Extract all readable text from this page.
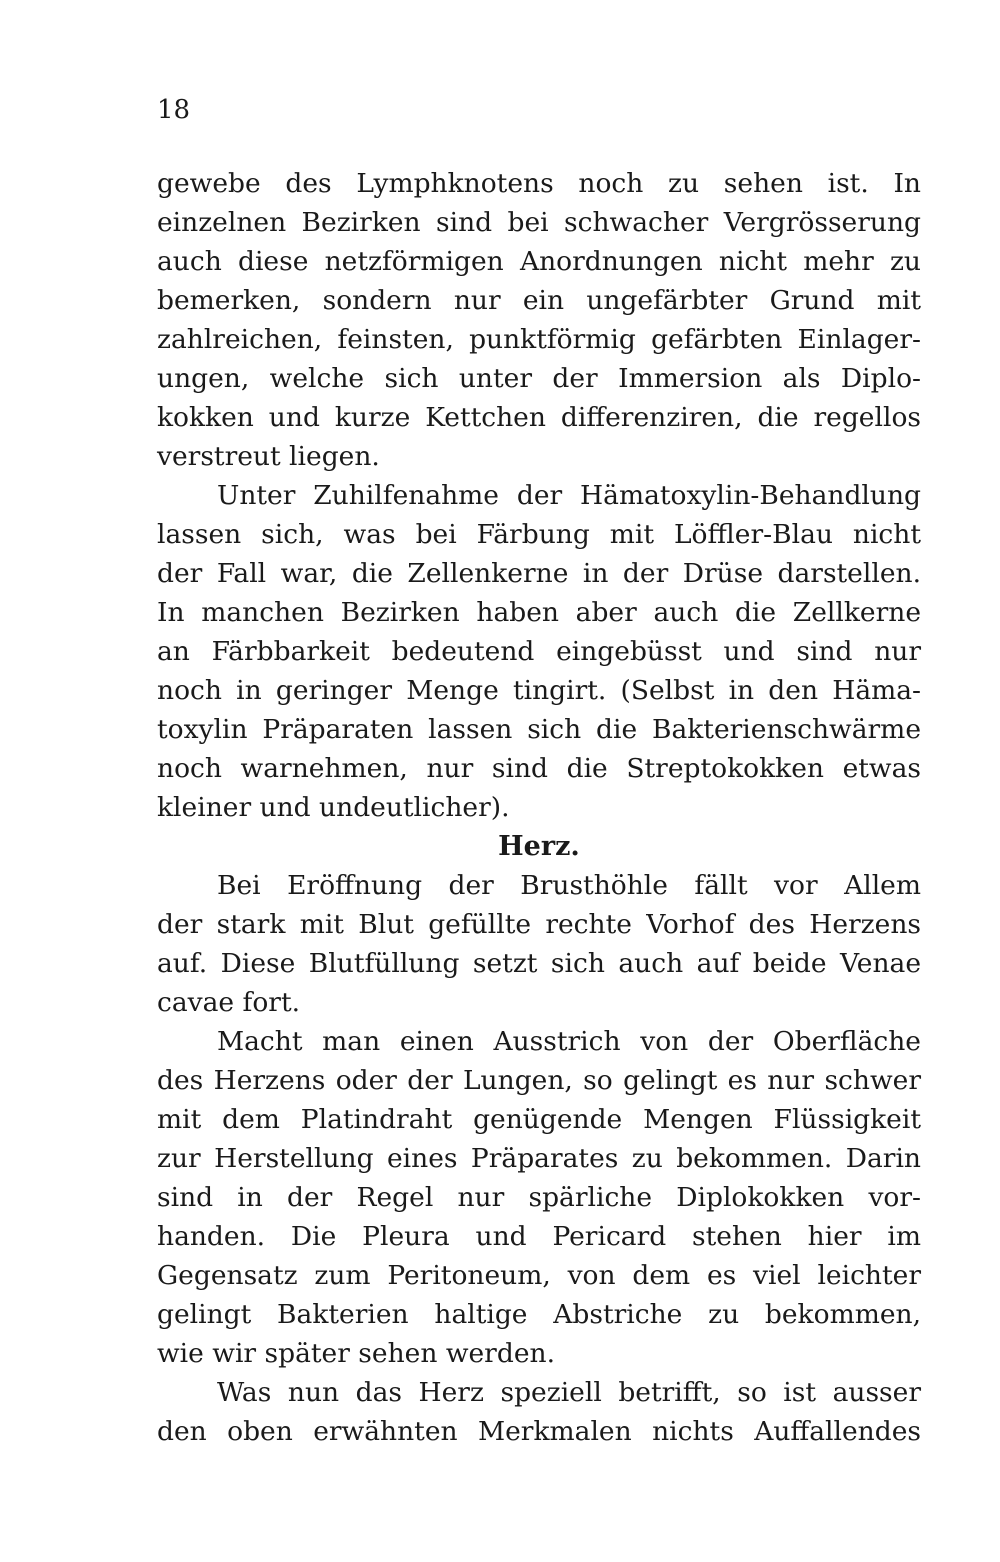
18

gewebe des Lymphknotens noch zu sehen ist. In
einzelnen Bezirken sind bei schwacher Vergrösserung
auch diese netzförmigen Anordnungen nicht mehr zu
bemerken, sondern nur ein ungefärbter Grund mit
zahlreichen, feinsten, punktförmig gefärbten Einlager-
ungen, welche sich unter der Immersion als Diplo-
kokken und kurze Kettchen differenziren, die regellos
verstreut liegen.
Unter Zuhilfenahme der Hämatoxylin-Behandlung
lassen sich, was bei Färbung mit Löffler-Blau nicht
der Fall war, die Zellenkerne in der Drüse darstellen.
In manchen Bezirken haben aber auch die Zellkerne
an Färbbarkeit bedeutend eingebüsst und sind nur
noch in geringer Menge tingirt. (Selbst in den Häma-
toxylin Präparaten lassen sich die Bakterienschwärme
noch warnehmen, nur sind die Streptokokken etwas
kleiner und undeutlicher).
Herz.
Bei Eröffnung der Brusthöhle fällt vor Allem
der stark mit Blut gefüllte rechte Vorhof des Herzens
auf. Diese Blutfüllung setzt sich auch auf beide Venae
cavae fort.
Macht man einen Ausstrich von der Oberfläche
des Herzens oder der Lungen, so gelingt es nur schwer
mit dem Platindraht genügende Mengen Flüssigkeit
zur Herstellung eines Präparates zu bekommen. Darin
sind in der Regel nur spärliche Diplokokken vor-
handen. Die Pleura und Pericard stehen hier im
Gegensatz zum Peritoneum, von dem es viel leichter
gelingt Bakterien haltige Abstriche zu bekommen,
wie wir später sehen werden.
Was nun das Herz speziell betrifft, so ist ausser
den oben erwähnten Merkmalen nichts Auffallendes
